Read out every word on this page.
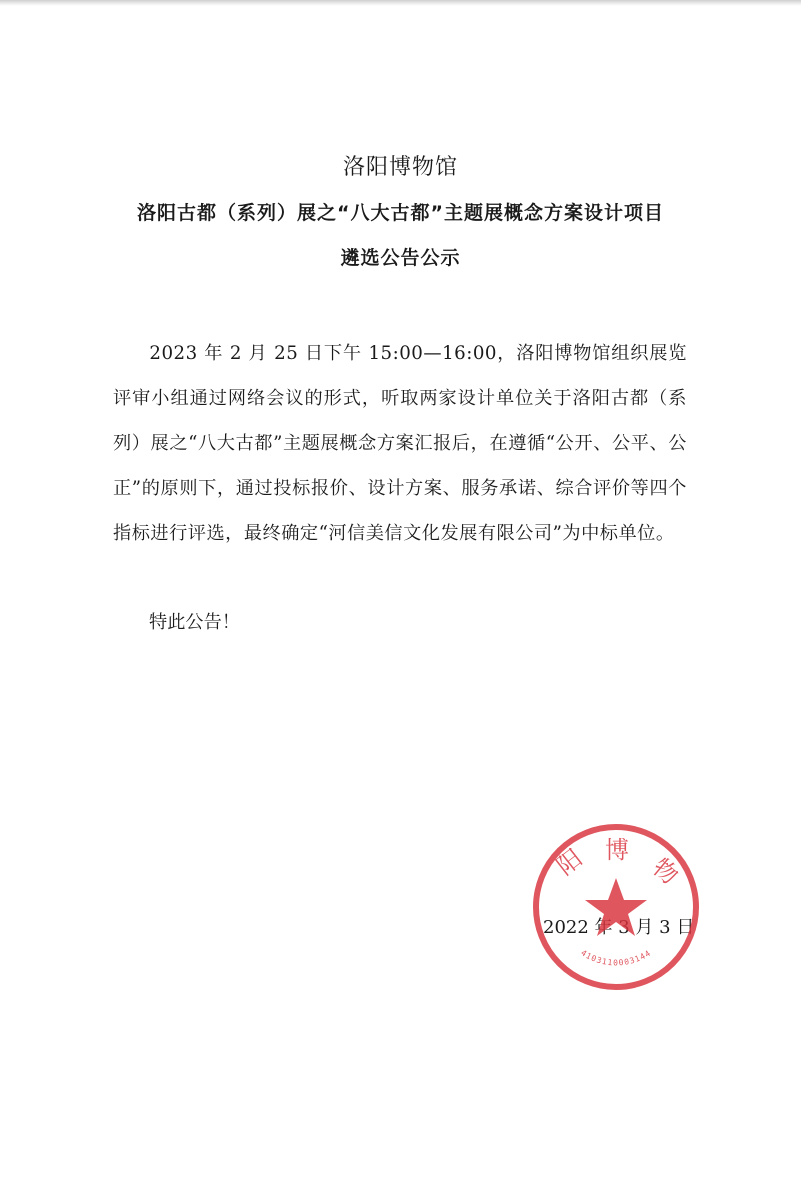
洛阳博物馆
洛阳古都（系列）展之“八大古都”主题展概念方案设计项目
遴选公告公示

2023 年 2 月 25 日下午 15:00—16:00，洛阳博物馆组织展览评审小组通过网络会议的形式，听取两家设计单位关于洛阳古都（系列）展之“八大古都”主题展概念方案汇报后，在遵循“公开、公平、公正”的原则下，通过投标报价、设计方案、服务承诺、综合评价等四个指标进行评选，最终确定“河信美信文化发展有限公司”为中标单位。

特此公告！

2022 年 3 月 3 日
阳 博
物
4103110003144
